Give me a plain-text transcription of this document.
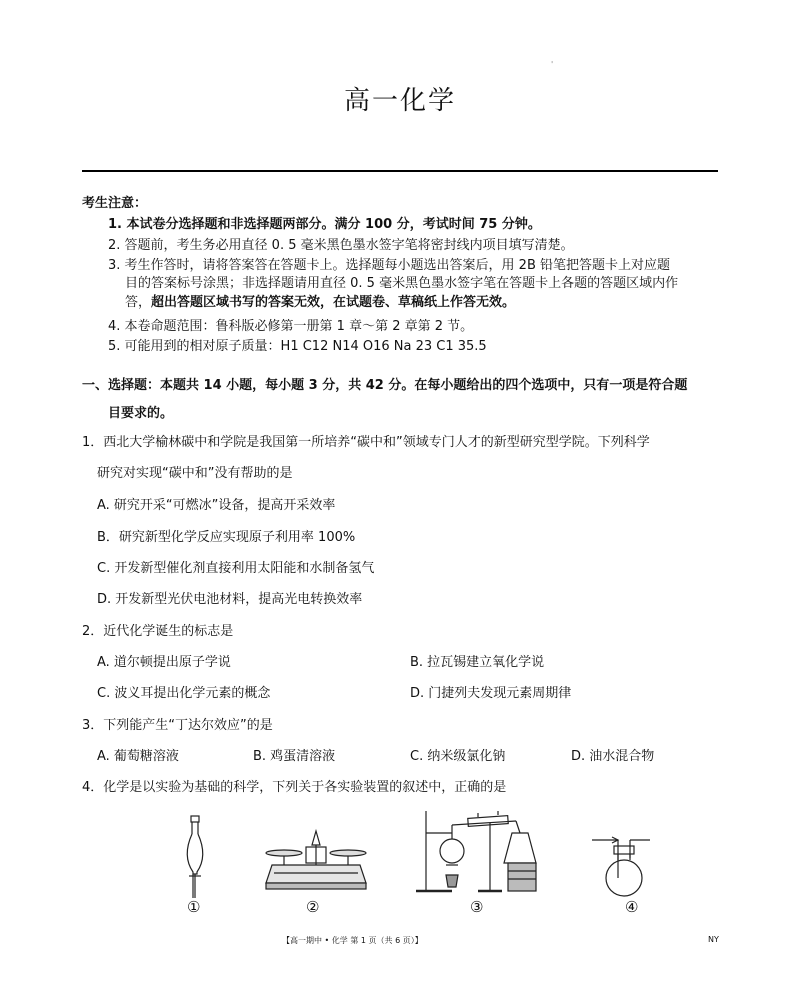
'
高一化学
考生注意：
1. 本试卷分选择题和非选择题两部分。满分 100 分，考试时间 75 分钟。
2. 答题前，考生务必用直径 0. 5 毫米黑色墨水签字笔将密封线内项目填写清楚。
3. 考生作答时，请将答案答在答题卡上。选择题每小题选出答案后，用 2B 铅笔把答题卡上对应题
目的答案标号涂黑；非选择题请用直径 0. 5 毫米黑色墨水签字笔在答题卡上各题的答题区域内作
答，超出答题区域书写的答案无效，在试题卷、草稿纸上作答无效。
4. 本卷命题范围：鲁科版必修第一册第 1 章～第 2 章第 2 节。
5. 可能用到的相对原子质量：H1 C12 N14 O16 Na 23 C1 35.5
一、选择题：本题共 14 小题，每小题 3 分，共 42 分。在每小题给出的四个选项中，只有一项是符合题
目要求的。
1．西北大学榆林碳中和学院是我国第一所培养“碳中和”领域专门人才的新型研究型学院。下列科学
研究对实现“碳中和”没有帮助的是
A. 研究开采“可燃冰”设备，提高开采效率
B．研究新型化学反应实现原子利用率 100%
C. 开发新型催化剂直接利用太阳能和水制备氢气
D. 开发新型光伏电池材料，提高光电转换效率
2．近代化学诞生的标志是
A. 道尔顿提出原子学说	B. 拉瓦锡建立氧化学说
C. 波义耳提出化学元素的概念	D. 门捷列夫发现元素周期律
3．下列能产生“丁达尔效应”的是
A. 葡萄糖溶液	B. 鸡蛋清溶液	C. 纳米级氯化钠	D. 油水混合物
4．化学是以实验为基础的科学，下列关于各实验装置的叙述中，正确的是
①	②	③	④
【高一期中 • 化学 第 1 页（共 6 页）】	NY
